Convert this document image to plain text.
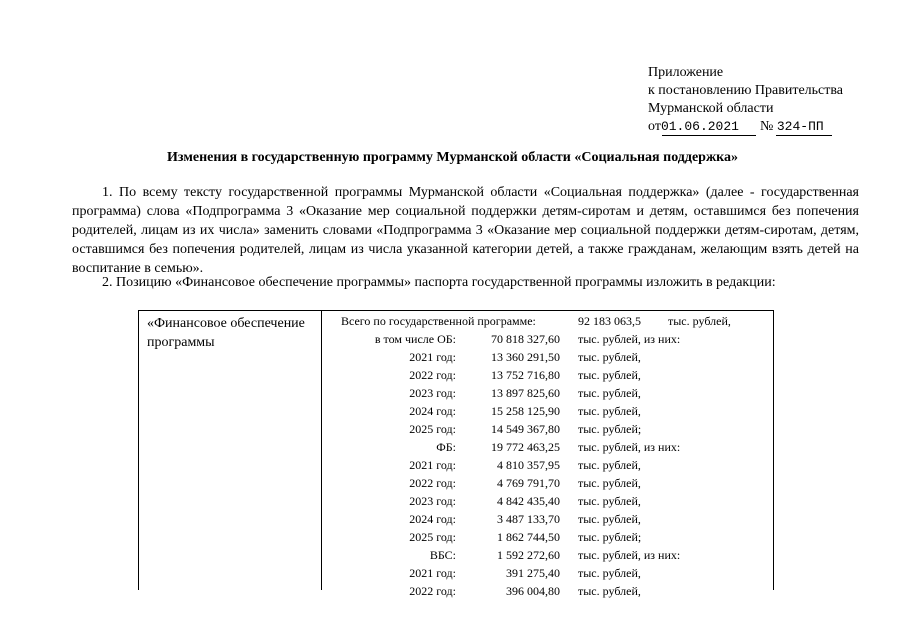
Приложение
к постановлению Правительства
Мурманской области
от01.06.2021 № 324-ПП
Изменения в государственную программу Мурманской области «Социальная поддержка»
1. По всему тексту государственной программы Мурманской области «Социальная поддержка» (далее - государственная программа) слова «Подпрограмма 3 «Оказание мер социальной поддержки детям-сиротам и детям, оставшимся без попечения родителей, лицам из их числа» заменить словами «Подпрограмма 3 «Оказание мер социальной поддержки детям-сиротам, детям, оставшимся без попечения родителей, лицам из числа указанной категории детей, а также гражданам, желающим взять детей на воспитание в семью».
2. Позицию «Финансовое обеспечение программы» паспорта государственной программы изложить в редакции:
«Финансовое обеспечение
программы
Всего по государственной программе:	92 183 063,5 тыс. рублей,
в том числе ОБ:	70 818 327,60 тыс. рублей, из них:
2021 год:	13 360 291,50 тыс. рублей,
2022 год:	13 752 716,80 тыс. рублей,
2023 год:	13 897 825,60 тыс. рублей,
2024 год:	15 258 125,90 тыс. рублей,
2025 год:	14 549 367,80 тыс. рублей;
ФБ:	19 772 463,25 тыс. рублей, из них:
2021 год:	4 810 357,95 тыс. рублей,
2022 год:	4 769 791,70 тыс. рублей,
2023 год:	4 842 435,40 тыс. рублей,
2024 год:	3 487 133,70 тыс. рублей,
2025 год:	1 862 744,50 тыс. рублей;
ВБС:	1 592 272,60 тыс. рублей, из них:
2021 год:	391 275,40 тыс. рублей,
2022 год:	396 004,80 тыс. рублей,
